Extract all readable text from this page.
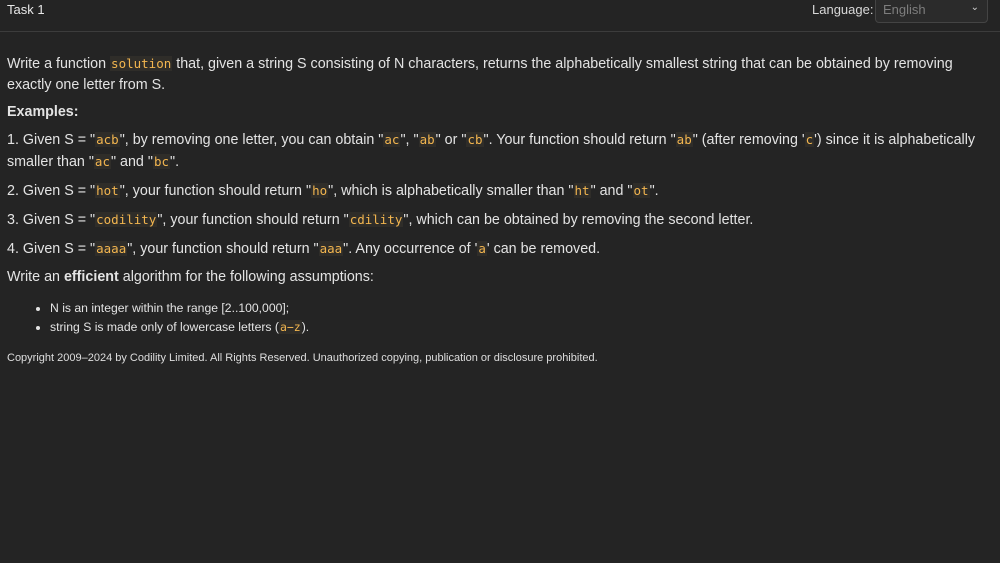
Task 1	Language: English	⌄

Write a function solution that, given a string S consisting of N characters, returns the alphabetically smallest string that can be obtained by removing exactly one letter from S.

Examples:

1. Given S = "acb", by removing one letter, you can obtain "ac", "ab" or "cb". Your function should return "ab" (after removing 'c') since it is alphabetically smaller than "ac" and "bc".

2. Given S = "hot", your function should return "ho", which is alphabetically smaller than "ht" and "ot".

3. Given S = "codility", your function should return "cdility", which can be obtained by removing the second letter.

4. Given S = "aaaa", your function should return "aaa". Any occurrence of 'a' can be removed.

Write an efficient algorithm for the following assumptions:

• N is an integer within the range [2..100,000];
• string S is made only of lowercase letters (a−z).
Copyright 2009–2024 by Codility Limited. All Rights Reserved. Unauthorized copying, publication or disclosure prohibited.
